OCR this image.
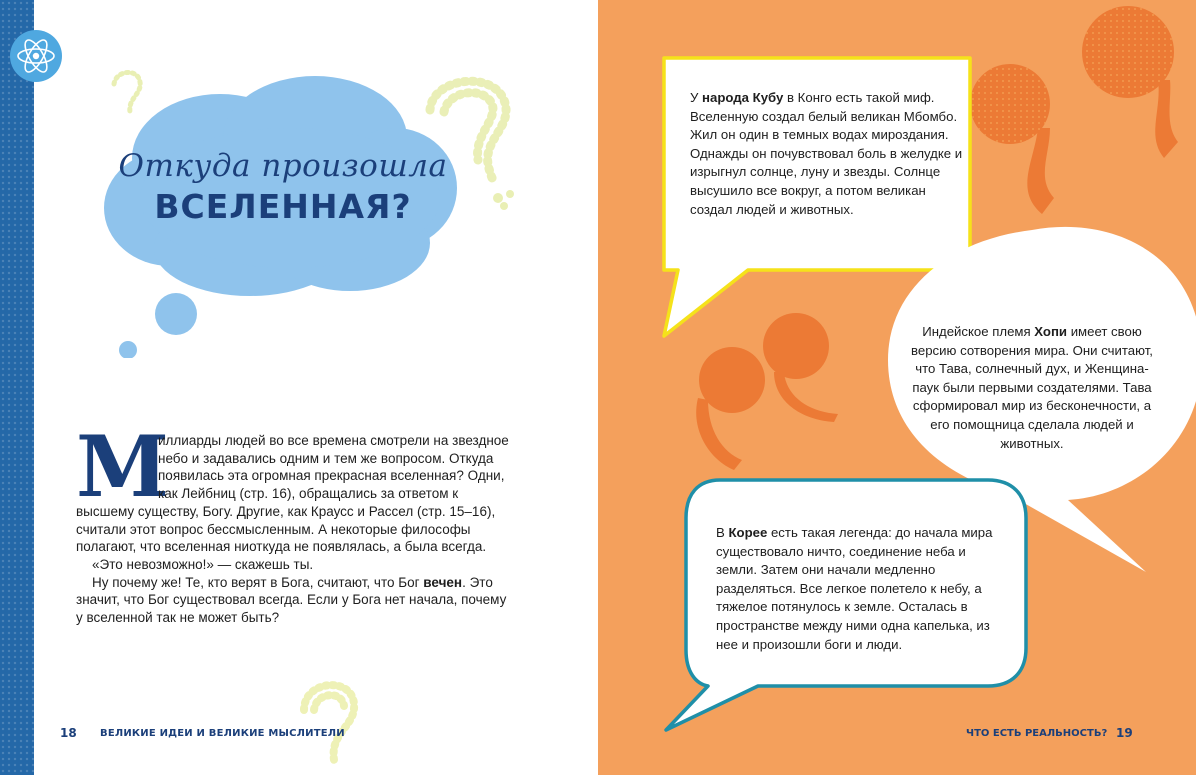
Откуда произошла
ВСЕЛЕННАЯ?
М

иллиарды людей во все времена смотрели на звездное небо и задавались одним и тем же вопросом. Откуда появилась эта огромная прекрасная вселенная? Одни, как Лейбниц (стр. 16), обращались за ответом к высшему существу, Богу. Другие, как Краусс и Рассел (стр. 15–16), считали этот вопрос бессмысленным. А некоторые философы полагают, что вселенная ниоткуда не появлялась, а была всегда.

«Это невозможно!» — скажешь ты.

Ну почему же! Те, кто верят в Бога, считают, что Бог вечен. Это значит, что Бог существовал всегда. Если у Бога нет начала, почему у вселенной так не может быть?

18 ВЕЛИКИЕ ИДЕИ И ВЕЛИКИЕ МЫСЛИТЕЛИ

У народа Кубу в Конго есть такой миф. Вселенную создал белый великан Мбомбо. Жил он один в темных водах мироздания. Однажды он почувствовал боль в желудке и изрыгнул солнце, луну и звезды. Солнце высушило все вокруг, а потом великан создал людей и животных.

Индейское племя Хопи имеет свою версию сотворения мира. Они считают, что Тава, солнечный дух, и Женщина-паук были первыми создателями. Тава сформировал мир из бесконечности, а его помощница сделала людей и животных.

В Корее есть такая легенда: до начала мира существовало ничто, соединение неба и земли. Затем они начали медленно разделяться. Все легкое полетело к небу, а тяжелое потянулось к земле. Осталась в пространстве между ними одна капелька, из нее и произошли боги и люди.

ЧТО ЕСТЬ РЕАЛЬНОСТЬ? 19
